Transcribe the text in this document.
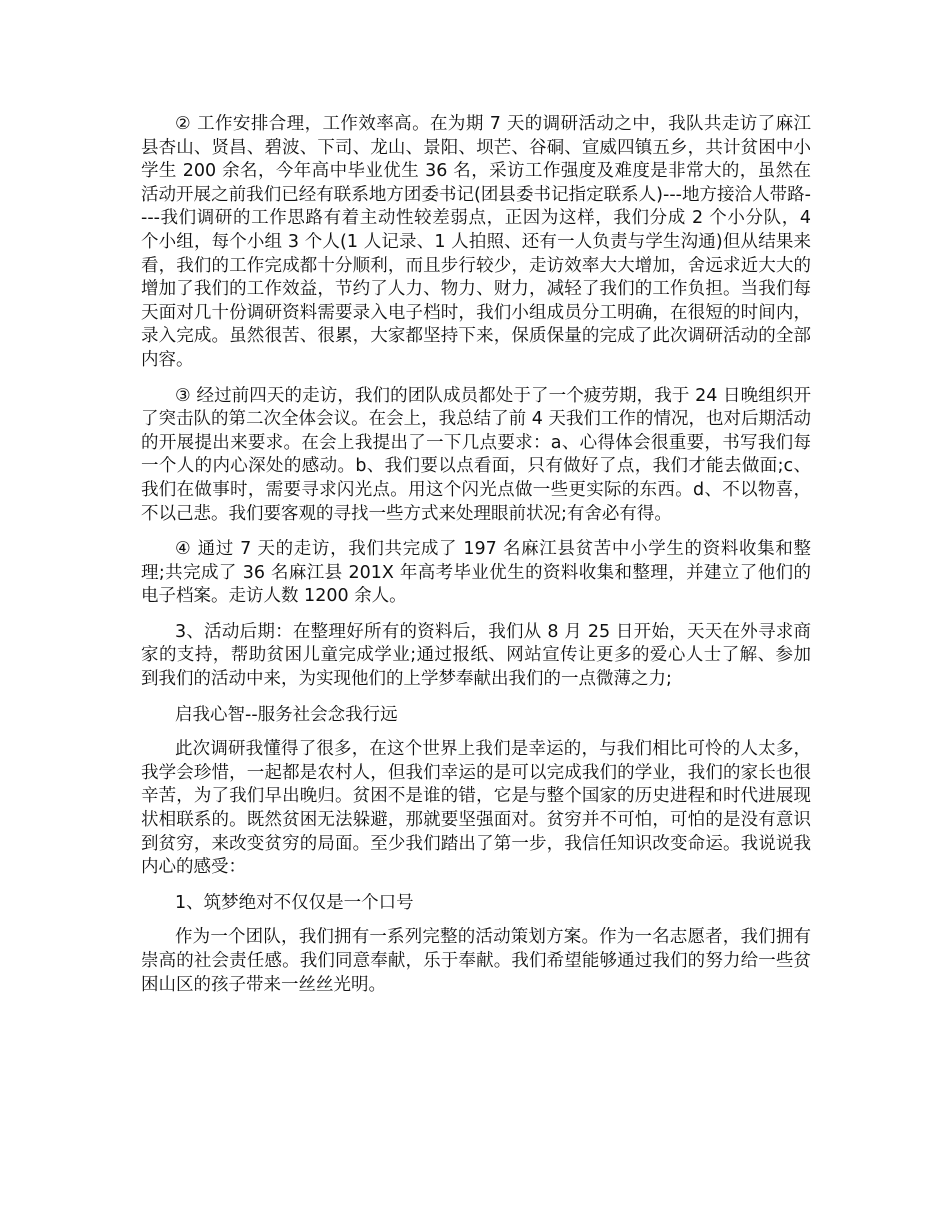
② 工作安排合理，工作效率高。在为期 7 天的调研活动之中，我队共走访了麻江县杏山、贤昌、碧波、下司、龙山、景阳、坝芒、谷硐、宣威四镇五乡，共计贫困中小学生 200 余名，今年高中毕业优生 36 名，采访工作强度及难度是非常大的，虽然在活动开展之前我们已经有联系地方团委书记(团县委书记指定联系人)---地方接洽人带路----我们调研的工作思路有着主动性较差弱点，正因为这样，我们分成 2 个小分队，4 个小组，每个小组 3 个人(1 人记录、1 人拍照、还有一人负责与学生沟通)但从结果来看，我们的工作完成都十分顺利，而且步行较少，走访效率大大增加，舍远求近大大的增加了我们的工作效益，节约了人力、物力、财力，减轻了我们的工作负担。当我们每天面对几十份调研资料需要录入电子档时，我们小组成员分工明确，在很短的时间内，录入完成。虽然很苦、很累，大家都坚持下来，保质保量的完成了此次调研活动的全部内容。

③ 经过前四天的走访，我们的团队成员都处于了一个疲劳期，我于 24 日晚组织开了突击队的第二次全体会议。在会上，我总结了前 4 天我们工作的情况，也对后期活动的开展提出来要求。在会上我提出了一下几点要求：a、心得体会很重要，书写我们每一个人的内心深处的感动。b、我们要以点看面，只有做好了点，我们才能去做面;c、我们在做事时，需要寻求闪光点。用这个闪光点做一些更实际的东西。d、不以物喜，不以己悲。我们要客观的寻找一些方式来处理眼前状况;有舍必有得。

④ 通过 7 天的走访，我们共完成了 197 名麻江县贫苦中小学生的资料收集和整理;共完成了 36 名麻江县 201X 年高考毕业优生的资料收集和整理，并建立了他们的电子档案。走访人数 1200 余人。

3、活动后期：在整理好所有的资料后，我们从 8 月 25 日开始，天天在外寻求商家的支持，帮助贫困儿童完成学业;通过报纸、网站宣传让更多的爱心人士了解、参加到我们的活动中来，为实现他们的上学梦奉献出我们的一点微薄之力;

启我心智--服务社会念我行远

此次调研我懂得了很多，在这个世界上我们是幸运的，与我们相比可怜的人太多，我学会珍惜，一起都是农村人，但我们幸运的是可以完成我们的学业，我们的家长也很辛苦，为了我们早出晚归。贫困不是谁的错，它是与整个国家的历史进程和时代进展现状相联系的。既然贫困无法躲避，那就要坚强面对。贫穷并不可怕，可怕的是没有意识到贫穷，来改变贫穷的局面。至少我们踏出了第一步，我信任知识改变命运。我说说我内心的感受：

1、筑梦绝对不仅仅是一个口号

作为一个团队，我们拥有一系列完整的活动策划方案。作为一名志愿者，我们拥有崇高的社会责任感。我们同意奉献，乐于奉献。我们希望能够通过我们的努力给一些贫困山区的孩子带来一丝丝光明。
